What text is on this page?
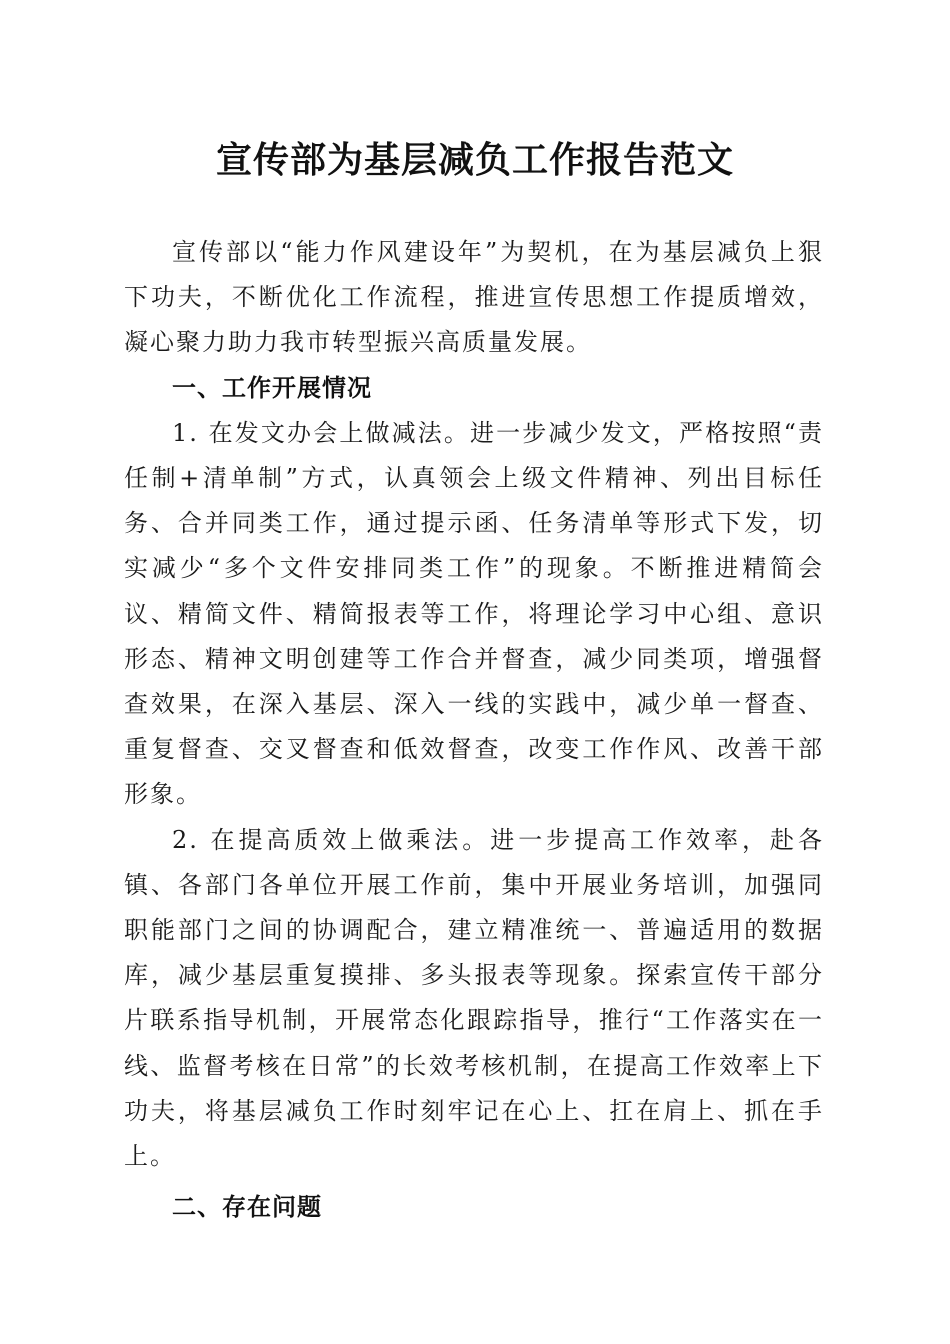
宣传部为基层减负工作报告范文

宣传部以“能力作风建设年”为契机，在为基层减负上狠下功夫，不断优化工作流程，推进宣传思想工作提质增效，凝心聚力助力我市转型振兴高质量发展。

一、工作开展情况

1. 在发文办会上做减法。进一步减少发文，严格按照“责任制+清单制”方式，认真领会上级文件精神、列出目标任务、合并同类工作，通过提示函、任务清单等形式下发，切实减少“多个文件安排同类工作”的现象。不断推进精简会议、精简文件、精简报表等工作，将理论学习中心组、意识形态、精神文明创建等工作合并督查，减少同类项，增强督查效果，在深入基层、深入一线的实践中，减少单一督查、重复督查、交叉督查和低效督查，改变工作作风、改善干部形象。

2. 在提高质效上做乘法。进一步提高工作效率，赴各镇、各部门各单位开展工作前，集中开展业务培训，加强同职能部门之间的协调配合，建立精准统一、普遍适用的数据库，减少基层重复摸排、多头报表等现象。探索宣传干部分片联系指导机制，开展常态化跟踪指导，推行“工作落实在一线、监督考核在日常”的长效考核机制，在提高工作效率上下功夫，将基层减负工作时刻牢记在心上、扛在肩上、抓在手上。

二、存在问题
